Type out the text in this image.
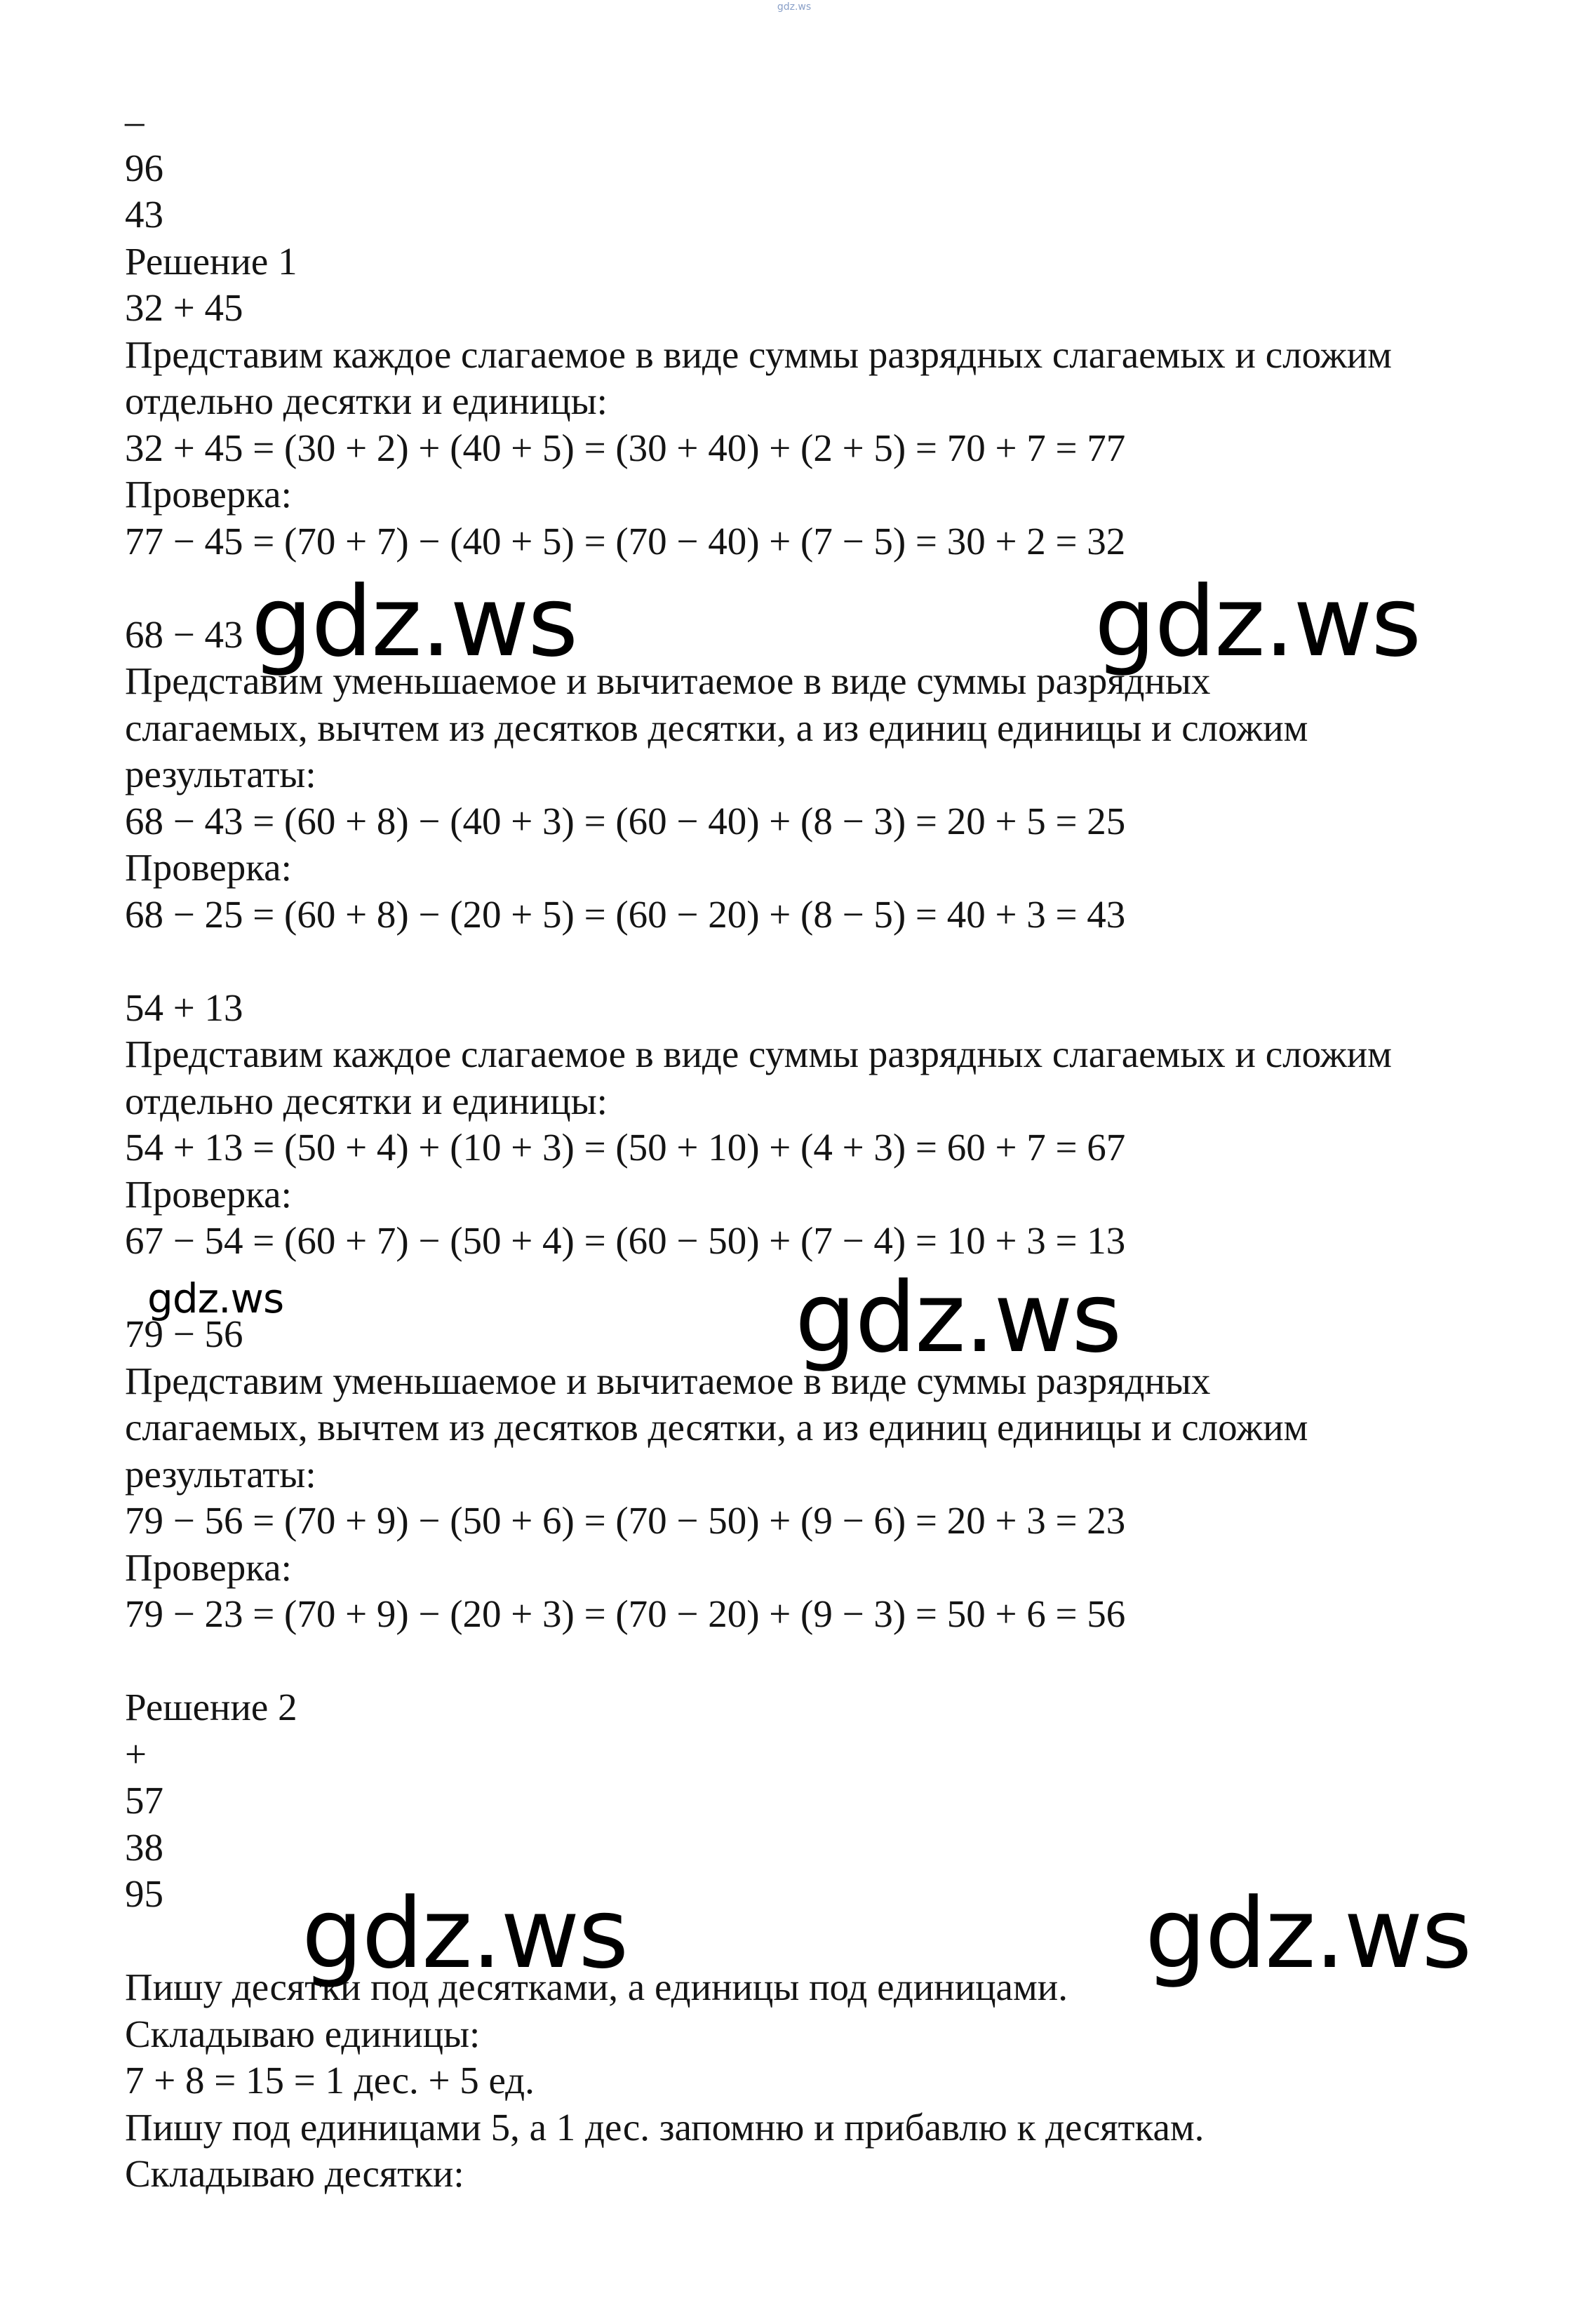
gdz.ws
–
96
43
Решение 1
32 + 45
Представим каждое слагаемое в виде суммы разрядных слагаемых и сложим
отдельно десятки и единицы:
32 + 45 = (30 + 2) + (40 + 5) = (30 + 40) + (2 + 5) = 70 + 7 = 77
Проверка:
77 − 45 = (70 + 7) − (40 + 5) = (70 − 40) + (7 − 5) = 30 + 2 = 32
68 − 43
Представим уменьшаемое и вычитаемое в виде суммы разрядных
слагаемых, вычтем из десятков десятки, а из единиц единицы и сложим
результаты:
68 − 43 = (60 + 8) − (40 + 3) = (60 − 40) + (8 − 3) = 20 + 5 = 25
Проверка:
68 − 25 = (60 + 8) − (20 + 5) = (60 − 20) + (8 − 5) = 40 + 3 = 43
54 + 13
Представим каждое слагаемое в виде суммы разрядных слагаемых и сложим
отдельно десятки и единицы:
54 + 13 = (50 + 4) + (10 + 3) = (50 + 10) + (4 + 3) = 60 + 7 = 67
Проверка:
67 − 54 = (60 + 7) − (50 + 4) = (60 − 50) + (7 − 4) = 10 + 3 = 13
79 − 56
Представим уменьшаемое и вычитаемое в виде суммы разрядных
слагаемых, вычтем из десятков десятки, а из единиц единицы и сложим
результаты:
79 − 56 = (70 + 9) − (50 + 6) = (70 − 50) + (9 − 6) = 20 + 3 = 23
Проверка:
79 − 23 = (70 + 9) − (20 + 3) = (70 − 20) + (9 − 3) = 50 + 6 = 56
Решение 2
+
57
38
95
Пишу десятки под десятками, а единицы под единицами.
Складываю единицы:
7 + 8 = 15 = 1 дес. + 5 ед.
Пишу под единицами 5, а 1 дес. запомню и прибавлю к десяткам.
Складываю десятки:
gdz.ws	gdz.ws
gdz.ws	gdz.ws
gdz.ws	gdz.ws
